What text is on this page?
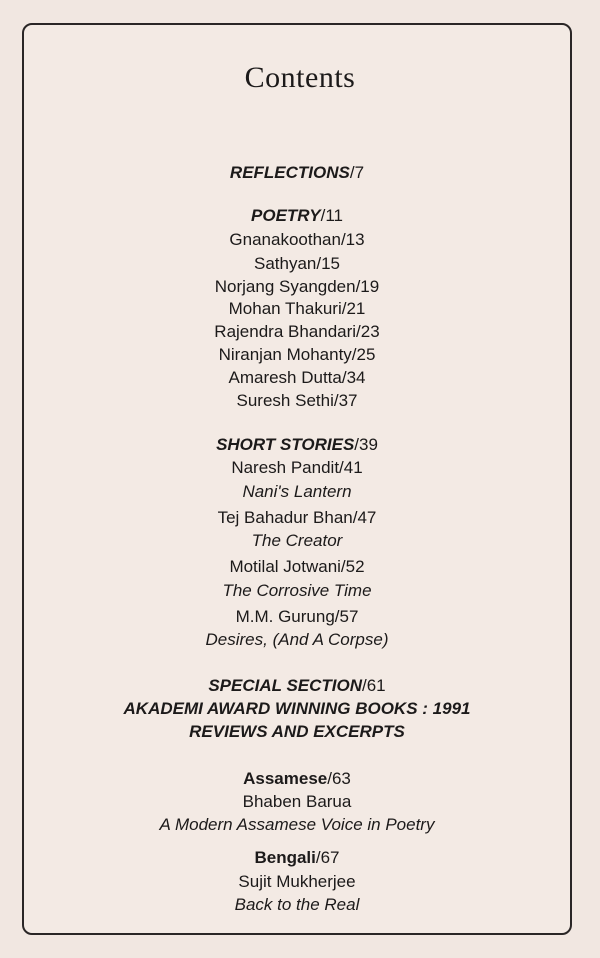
Contents
REFLECTIONS/7
POETRY/11
Gnanakoothan/13
Sathyan/15
Norjang Syangden/19
Mohan Thakuri/21
Rajendra Bhandari/23
Niranjan Mohanty/25
Amaresh Dutta/34
Suresh Sethi/37
SHORT STORIES/39
Naresh Pandit/41
Nani's Lantern
Tej Bahadur Bhan/47
The Creator
Motilal Jotwani/52
The Corrosive Time
M.M. Gurung/57
Desires, (And A Corpse)
SPECIAL SECTION/61
AKADEMI AWARD WINNING BOOKS : 1991
REVIEWS AND EXCERPTS
Assamese/63
Bhaben Barua
A Modern Assamese Voice in Poetry
Bengali/67
Sujit Mukherjee
Back to the Real
